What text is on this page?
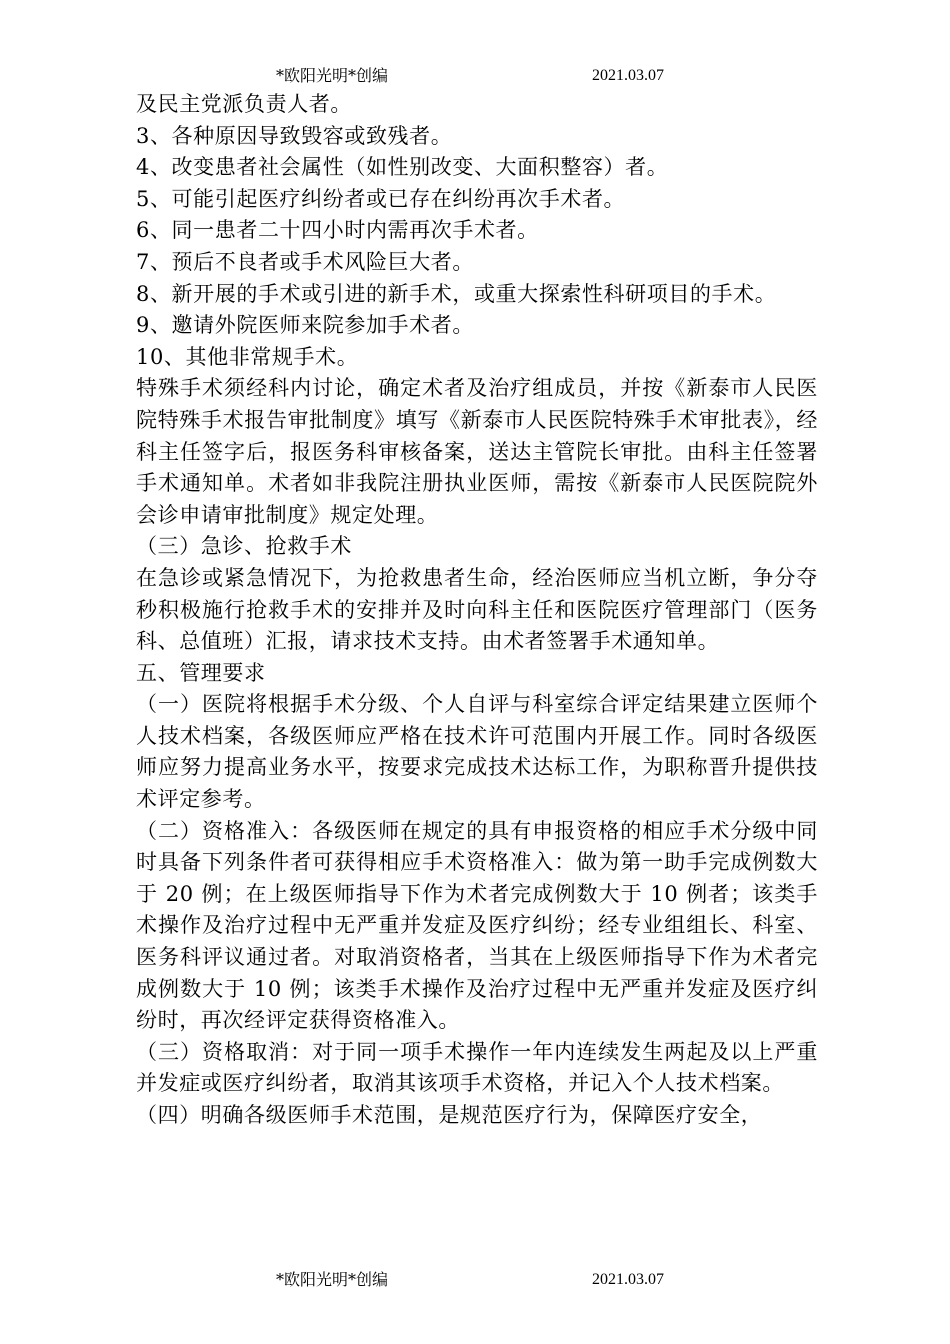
*欧阳光明*创编	2021.03.07

及民主党派负责人者。

3、各种原因导致毁容或致残者。

4、改变患者社会属性（如性别改变、大面积整容）者。

5、可能引起医疗纠纷者或已存在纠纷再次手术者。

6、同一患者二十四小时内需再次手术者。

7、预后不良者或手术风险巨大者。

8、新开展的手术或引进的新手术，或重大探索性科研项目的手术。

9、邀请外院医师来院参加手术者。

10、其他非常规手术。

特殊手术须经科内讨论，确定术者及治疗组成员，并按《新泰市人民医院特殊手术报告审批制度》填写《新泰市人民医院特殊手术审批表》，经科主任签字后，报医务科审核备案，送达主管院长审批。由科主任签署手术通知单。术者如非我院注册执业医师，需按《新泰市人民医院院外会诊申请审批制度》规定处理。

（三）急诊、抢救手术

在急诊或紧急情况下，为抢救患者生命，经治医师应当机立断，争分夺秒积极施行抢救手术的安排并及时向科主任和医院医疗管理部门（医务科、总值班）汇报，请求技术支持。由术者签署手术通知单。

五、管理要求

（一）医院将根据手术分级、个人自评与科室综合评定结果建立医师个人技术档案，各级医师应严格在技术许可范围内开展工作。同时各级医师应努力提高业务水平，按要求完成技术达标工作，为职称晋升提供技术评定参考。

（二）资格准入：各级医师在规定的具有申报资格的相应手术分级中同时具备下列条件者可获得相应手术资格准入：做为第一助手完成例数大于 20 例；在上级医师指导下作为术者完成例数大于 10 例者；该类手术操作及治疗过程中无严重并发症及医疗纠纷；经专业组组长、科室、医务科评议通过者。对取消资格者，当其在上级医师指导下作为术者完成例数大于 10 例；该类手术操作及治疗过程中无严重并发症及医疗纠纷时，再次经评定获得资格准入。

（三）资格取消：对于同一项手术操作一年内连续发生两起及以上严重并发症或医疗纠纷者，取消其该项手术资格，并记入个人技术档案。

（四）明确各级医师手术范围，是规范医疗行为，保障医疗安全，

*欧阳光明*创编	2021.03.07
